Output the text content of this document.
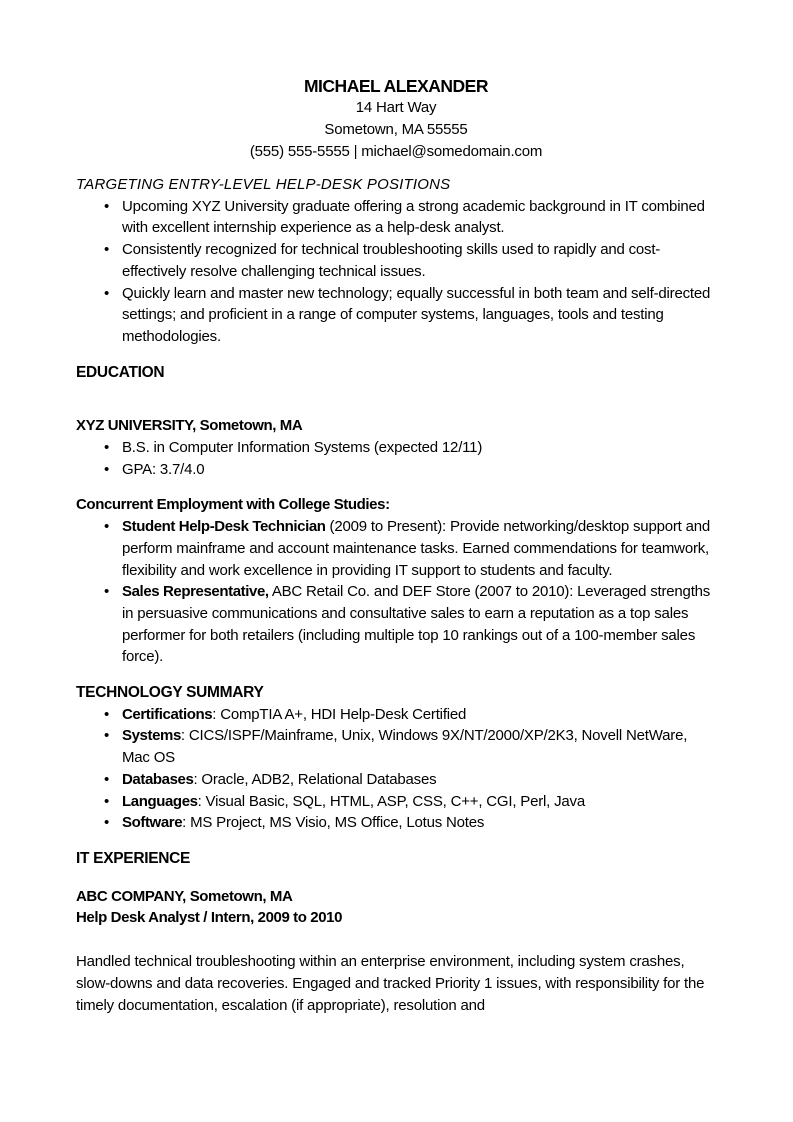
MICHAEL ALEXANDER
14 Hart Way
Sometown, MA 55555
(555) 555-5555 | michael@somedomain.com
TARGETING ENTRY-LEVEL HELP-DESK POSITIONS
• Upcoming XYZ University graduate offering a strong academic background in IT combined with excellent internship experience as a help-desk analyst.
• Consistently recognized for technical troubleshooting skills used to rapidly and cost-effectively resolve challenging technical issues.
• Quickly learn and master new technology; equally successful in both team and self-directed settings; and proficient in a range of computer systems, languages, tools and testing methodologies.
EDUCATION
XYZ UNIVERSITY, Sometown, MA
• B.S. in Computer Information Systems (expected 12/11)
• GPA: 3.7/4.0
Concurrent Employment with College Studies:
• Student Help-Desk Technician (2009 to Present): Provide networking/desktop support and perform mainframe and account maintenance tasks. Earned commendations for teamwork, flexibility and work excellence in providing IT support to students and faculty.
• Sales Representative, ABC Retail Co. and DEF Store (2007 to 2010): Leveraged strengths in persuasive communications and consultative sales to earn a reputation as a top sales performer for both retailers (including multiple top 10 rankings out of a 100-member sales force).
TECHNOLOGY SUMMARY
• Certifications: CompTIA A+, HDI Help-Desk Certified
• Systems: CICS/ISPF/Mainframe, Unix, Windows 9X/NT/2000/XP/2K3, Novell NetWare, Mac OS
• Databases: Oracle, ADB2, Relational Databases
• Languages: Visual Basic, SQL, HTML, ASP, CSS, C++, CGI, Perl, Java
• Software: MS Project, MS Visio, MS Office, Lotus Notes
IT EXPERIENCE
ABC COMPANY, Sometown, MA
Help Desk Analyst / Intern, 2009 to 2010
Handled technical troubleshooting within an enterprise environment, including system crashes, slow-downs and data recoveries. Engaged and tracked Priority 1 issues, with responsibility for the timely documentation, escalation (if appropriate), resolution and
